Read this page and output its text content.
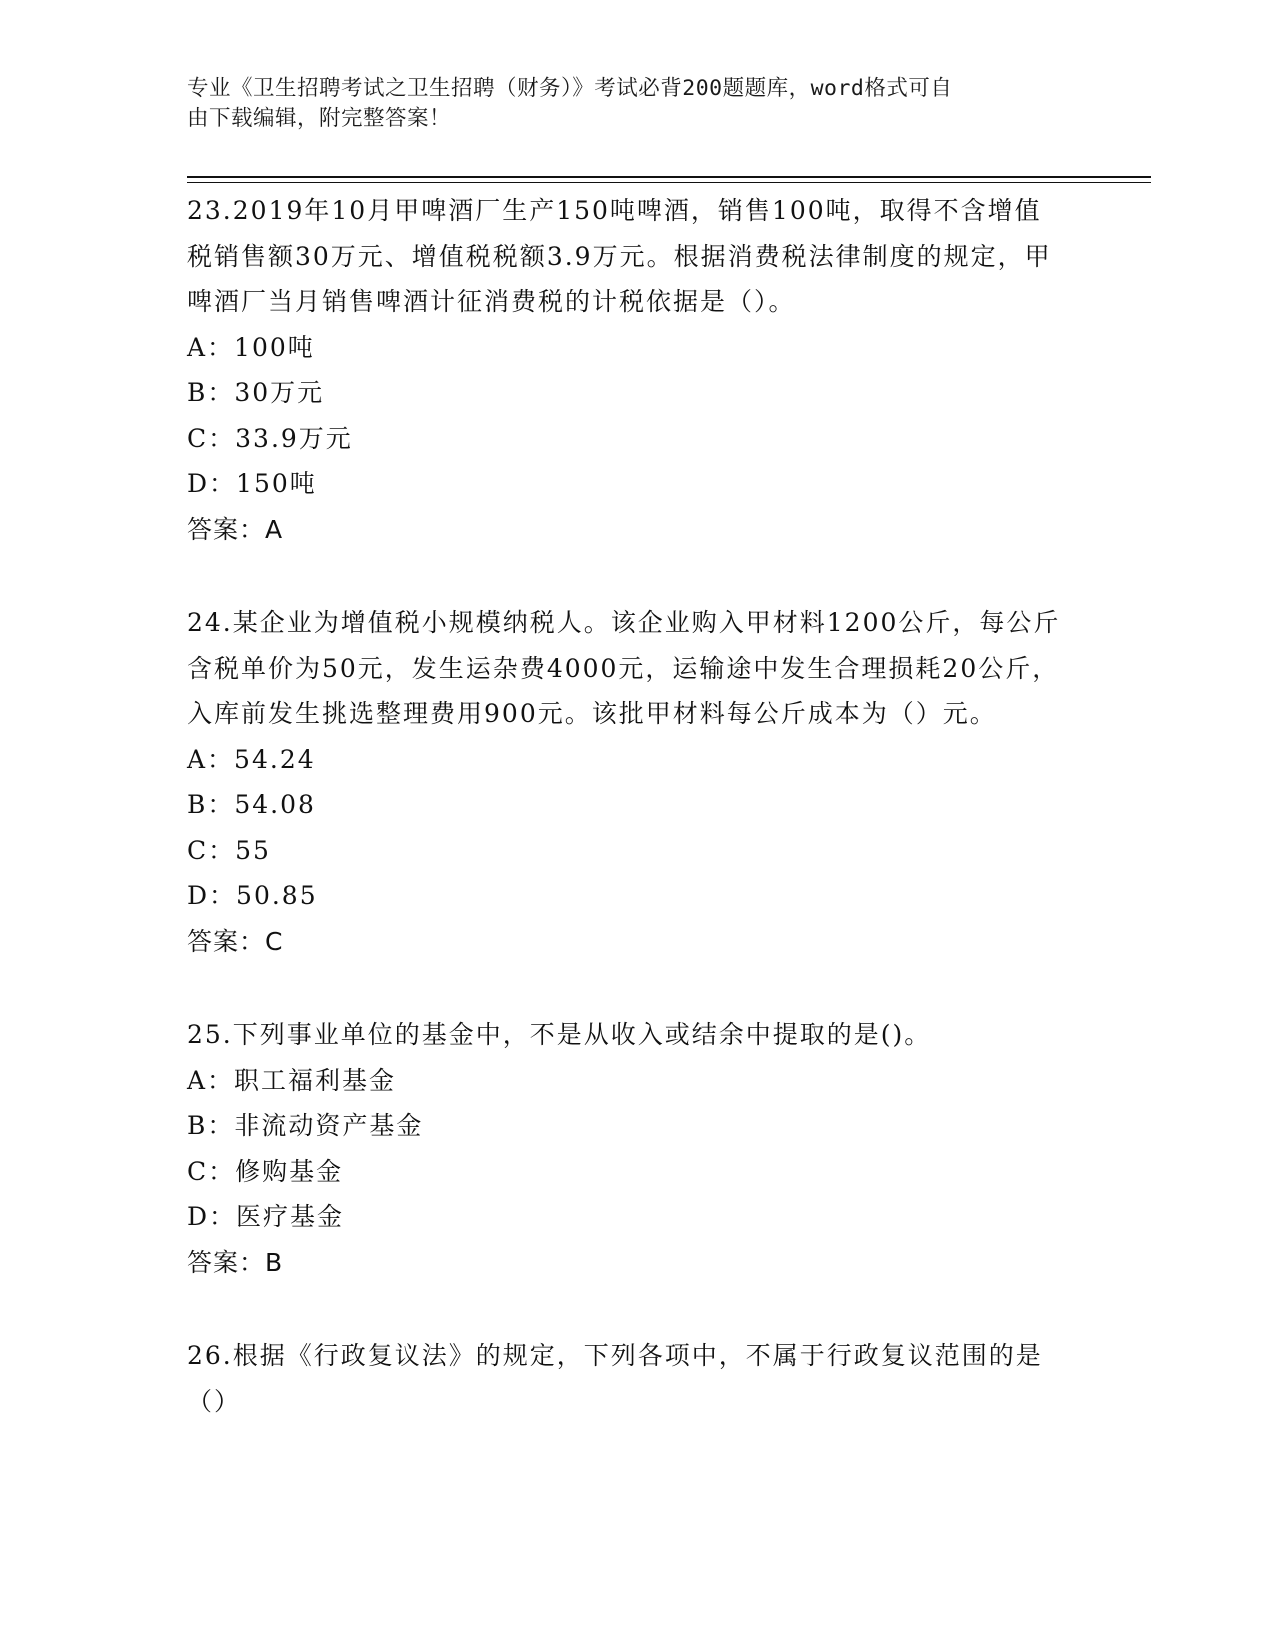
专业《卫生招聘考试之卫生招聘（财务）》考试必背200题题库，word格式可自
由下载编辑，附完整答案！

23.2019年10月甲啤酒厂生产150吨啤酒，销售100吨，取得不含增值税销售额30万元、增值税税额3.9万元。根据消费税法律制度的规定，甲啤酒厂当月销售啤酒计征消费税的计税依据是（）。

A：100吨

B：30万元

C：33.9万元

D：150吨

答案：A

24.某企业为增值税小规模纳税人。该企业购入甲材料1200公斤，每公斤含税单价为50元，发生运杂费4000元，运输途中发生合理损耗20公斤，入库前发生挑选整理费用900元。该批甲材料每公斤成本为（）元。

A：54.24

B：54.08

C：55

D：50.85

答案：C

25.下列事业单位的基金中，不是从收入或结余中提取的是()。

A：职工福利基金

B：非流动资产基金

C：修购基金

D：医疗基金

答案：B

26.根据《行政复议法》的规定，下列各项中，不属于行政复议范围的是（）
